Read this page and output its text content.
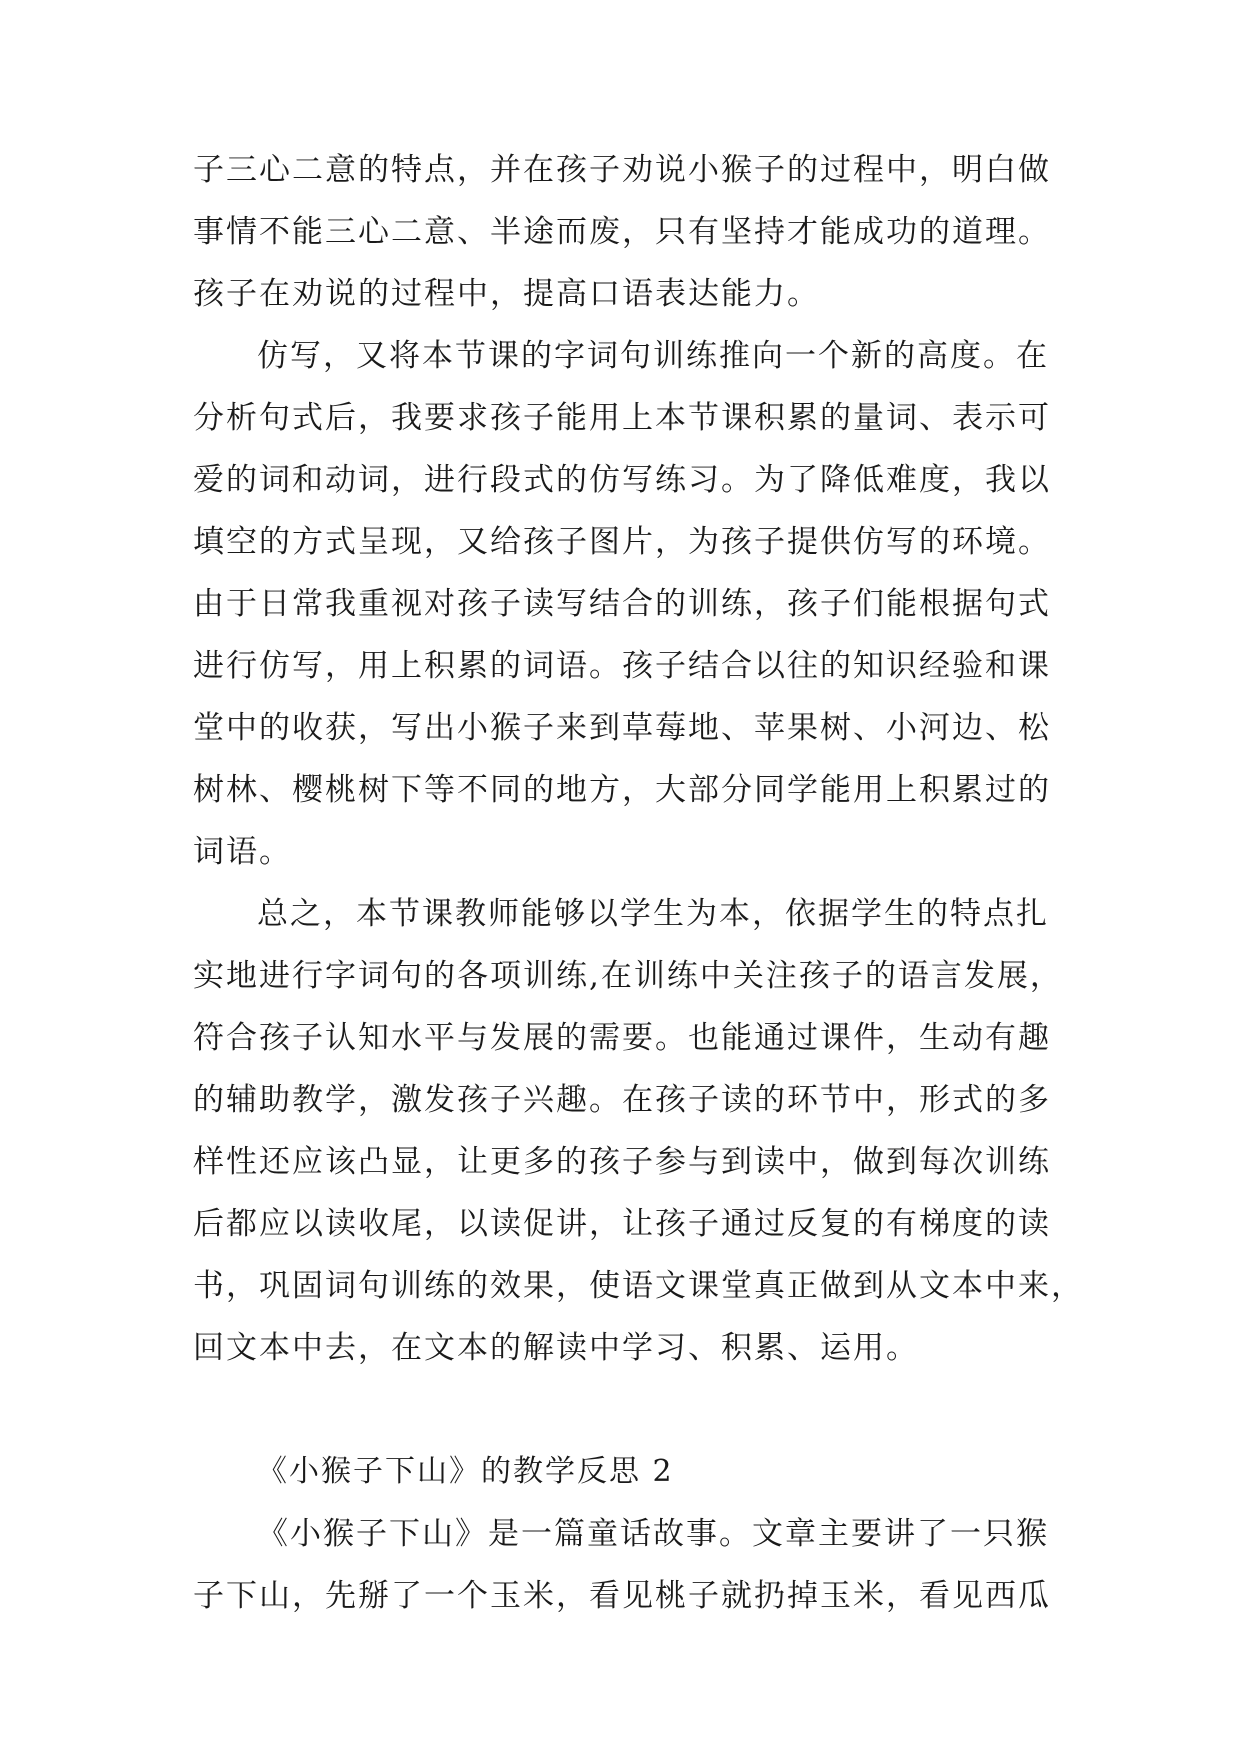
子三心二意的特点，并在孩子劝说小猴子的过程中，明白做
事情不能三心二意、半途而废，只有坚持才能成功的道理。
孩子在劝说的过程中，提高口语表达能力。
仿写，又将本节课的字词句训练推向一个新的高度。在
分析句式后，我要求孩子能用上本节课积累的量词、表示可
爱的词和动词，进行段式的仿写练习。为了降低难度，我以
填空的方式呈现，又给孩子图片，为孩子提供仿写的环境。
由于日常我重视对孩子读写结合的训练，孩子们能根据句式
进行仿写，用上积累的词语。孩子结合以往的知识经验和课
堂中的收获，写出小猴子来到草莓地、苹果树、小河边、松
树林、樱桃树下等不同的地方，大部分同学能用上积累过的
词语。
总之，本节课教师能够以学生为本，依据学生的特点扎
实地进行字词句的各项训练,在训练中关注孩子的语言发展，
符合孩子认知水平与发展的需要。也能通过课件，生动有趣
的辅助教学，激发孩子兴趣。在孩子读的环节中，形式的多
样性还应该凸显，让更多的孩子参与到读中，做到每次训练
后都应以读收尾，以读促讲，让孩子通过反复的有梯度的读
书，巩固词句训练的效果，使语文课堂真正做到从文本中来，
回文本中去，在文本的解读中学习、积累、运用。
《小猴子下山》的教学反思 2
《小猴子下山》是一篇童话故事。文章主要讲了一只猴
子下山，先掰了一个玉米，看见桃子就扔掉玉米，看见西瓜
